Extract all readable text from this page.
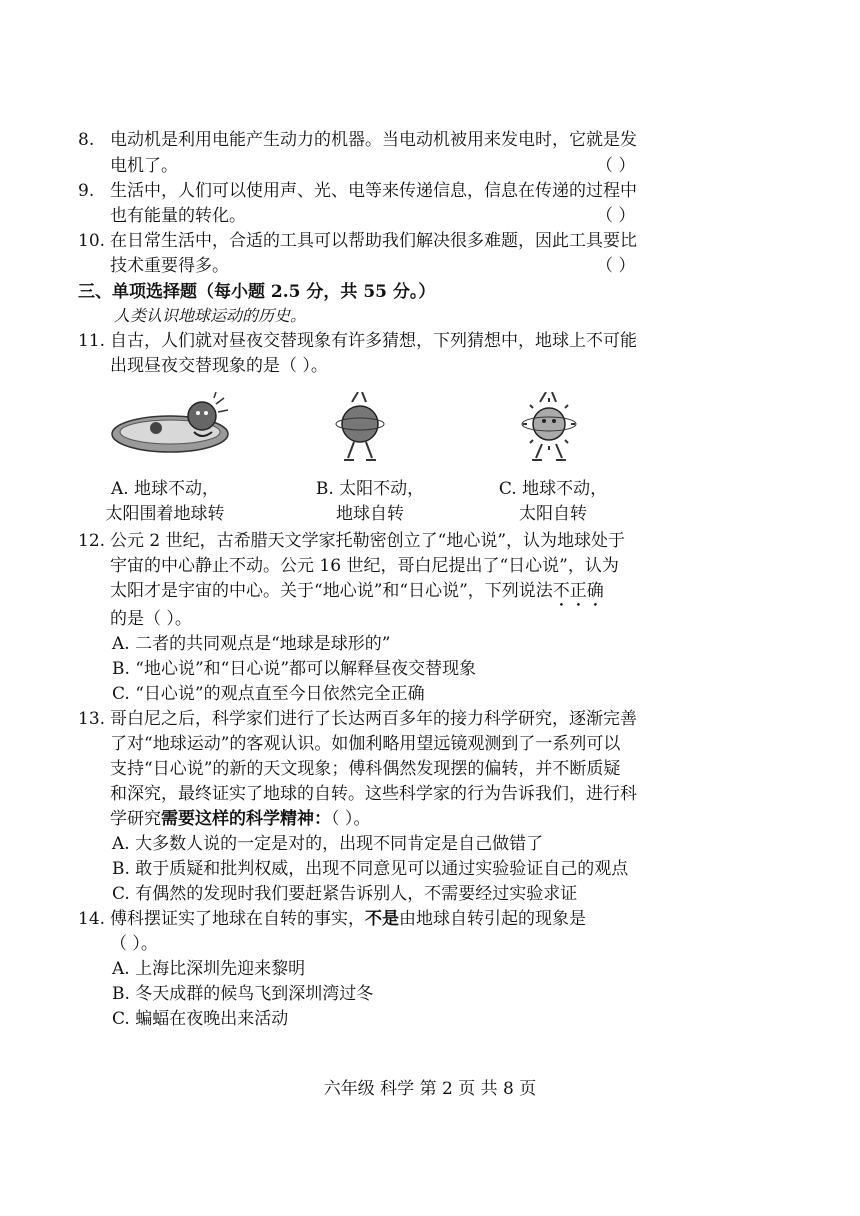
8. 电动机是利用电能产生动力的机器。当电动机被用来发电时，它就是发
电机了。	（ ）
9. 生活中，人们可以使用声、光、电等来传递信息，信息在传递的过程中
也有能量的转化。	（ ）
10. 在日常生活中，合适的工具可以帮助我们解决很多难题，因此工具要比
技术重要得多。	（ ）
三、单项选择题（每小题 2.5 分，共 55 分。）
人类认识地球运动的历史。
11. 自古，人们就对昼夜交替现象有许多猜想，下列猜想中，地球上不可能
出现昼夜交替现象的是（ ）。
A. 地球不动，
太阳围着地球转
B. 太阳不动，
地球自转
C. 地球不动，
太阳自转
12. 公元 2 世纪，古希腊天文学家托勒密创立了“地心说”，认为地球处于
宇宙的中心静止不动。公元 16 世纪，哥白尼提出了“日心说”，认为
太阳才是宇宙的中心。关于“地心说”和“日心说”，下列说法不正确
的是（ ）。
A. 二者的共同观点是“地球是球形的”
B. “地心说”和“日心说”都可以解释昼夜交替现象
C. “日心说”的观点直至今日依然完全正确
13. 哥白尼之后，科学家们进行了长达两百多年的接力科学研究，逐渐完善
了对“地球运动”的客观认识。如伽利略用望远镜观测到了一系列可以
支持“日心说”的新的天文现象；傅科偶然发现摆的偏转，并不断质疑
和深究，最终证实了地球的自转。这些科学家的行为告诉我们，进行科
学研究需要这样的科学精神：（ ）。
A. 大多数人说的一定是对的，出现不同肯定是自己做错了
B. 敢于质疑和批判权威，出现不同意见可以通过实验验证自己的观点
C. 有偶然的发现时我们要赶紧告诉别人，不需要经过实验求证
14. 傅科摆证实了地球在自转的事实，不是由地球自转引起的现象是
（ ）。
A. 上海比深圳先迎来黎明
B. 冬天成群的候鸟飞到深圳湾过冬
C. 蝙蝠在夜晚出来活动
六年级 科学 第 2 页 共 8 页
